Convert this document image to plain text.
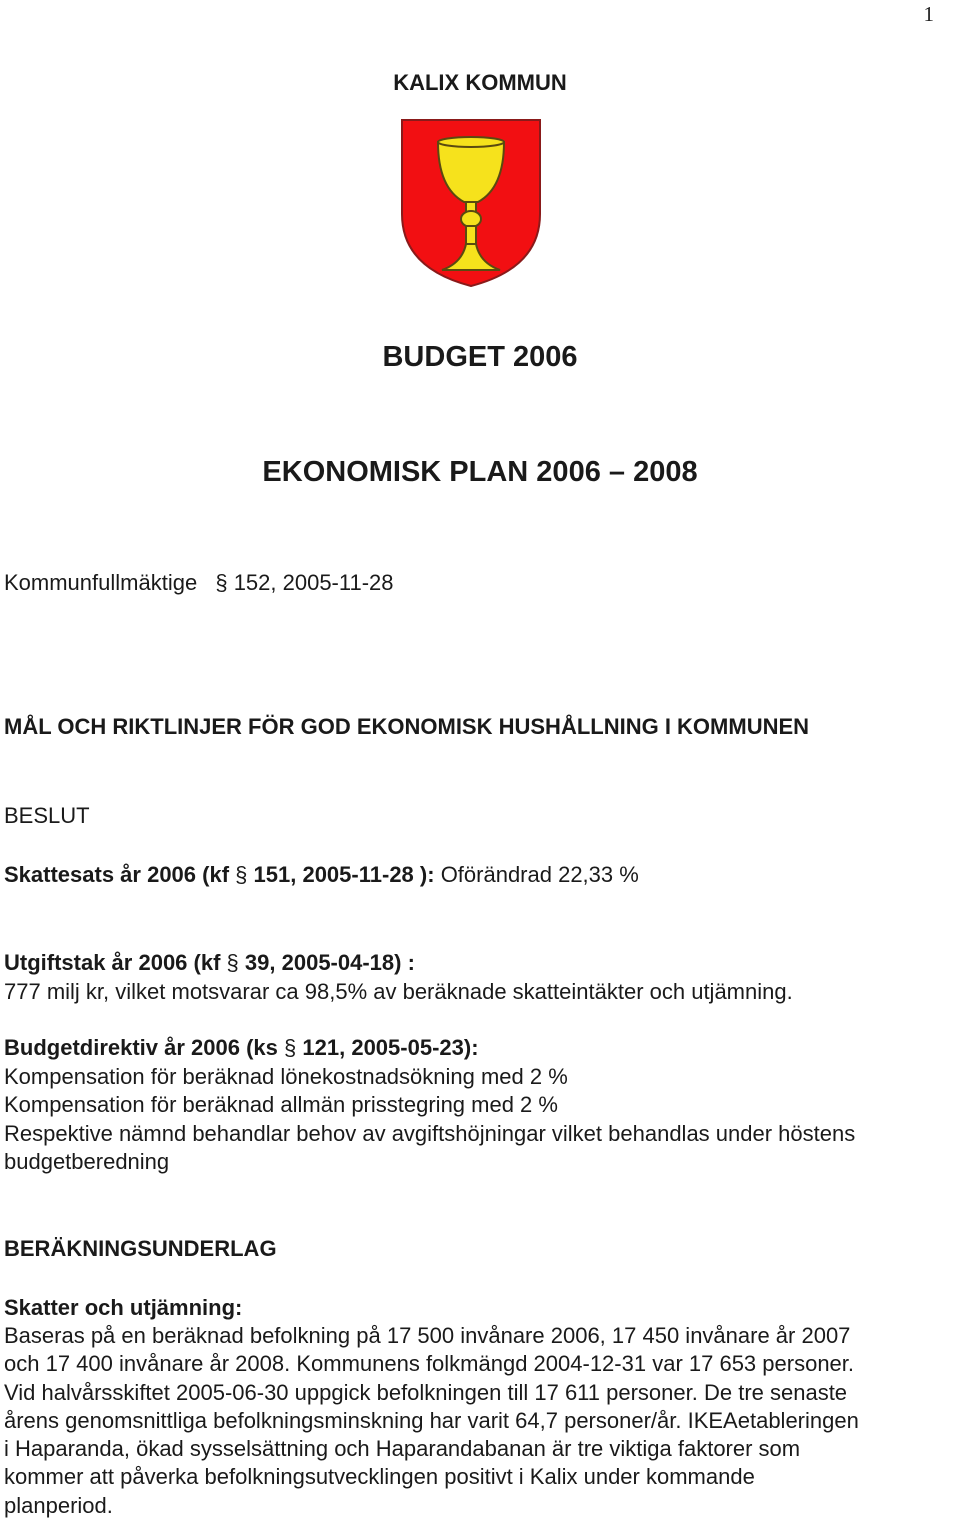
1
KALIX KOMMUN
BUDGET 2006
EKONOMISK PLAN 2006 – 2008
Kommunfullmäktige § 152, 2005-11-28
MÅL OCH RIKTLINJER FÖR GOD EKONOMISK HUSHÅLLNING I KOMMUNEN
BESLUT
Skattesats år 2006 (kf § 151, 2005-11-28 ): Oförändrad 22,33 %
Utgiftstak år 2006 (kf § 39, 2005-04-18) :
777 milj kr, vilket motsvarar ca 98,5% av beräknade skatteintäkter och utjämning.
Budgetdirektiv år 2006 (ks § 121, 2005-05-23):
Kompensation för beräknad lönekostnadsökning med 2 %
Kompensation för beräknad allmän prisstegring med 2 %
Respektive nämnd behandlar behov av avgiftshöjningar vilket behandlas under höstens
budgetberedning
BERÄKNINGSUNDERLAG
Skatter och utjämning:
Baseras på en beräknad befolkning på 17 500 invånare 2006, 17 450 invånare år 2007
och 17 400 invånare år 2008. Kommunens folkmängd 2004-12-31 var 17 653 personer.
Vid halvårsskiftet 2005-06-30 uppgick befolkningen till 17 611 personer. De tre senaste
årens genomsnittliga befolkningsminskning har varit 64,7 personer/år. IKEAetableringen
i Haparanda, ökad sysselsättning och Haparandabanan är tre viktiga faktorer som
kommer att påverka befolkningsutvecklingen positivt i Kalix under kommande
planperiod.
